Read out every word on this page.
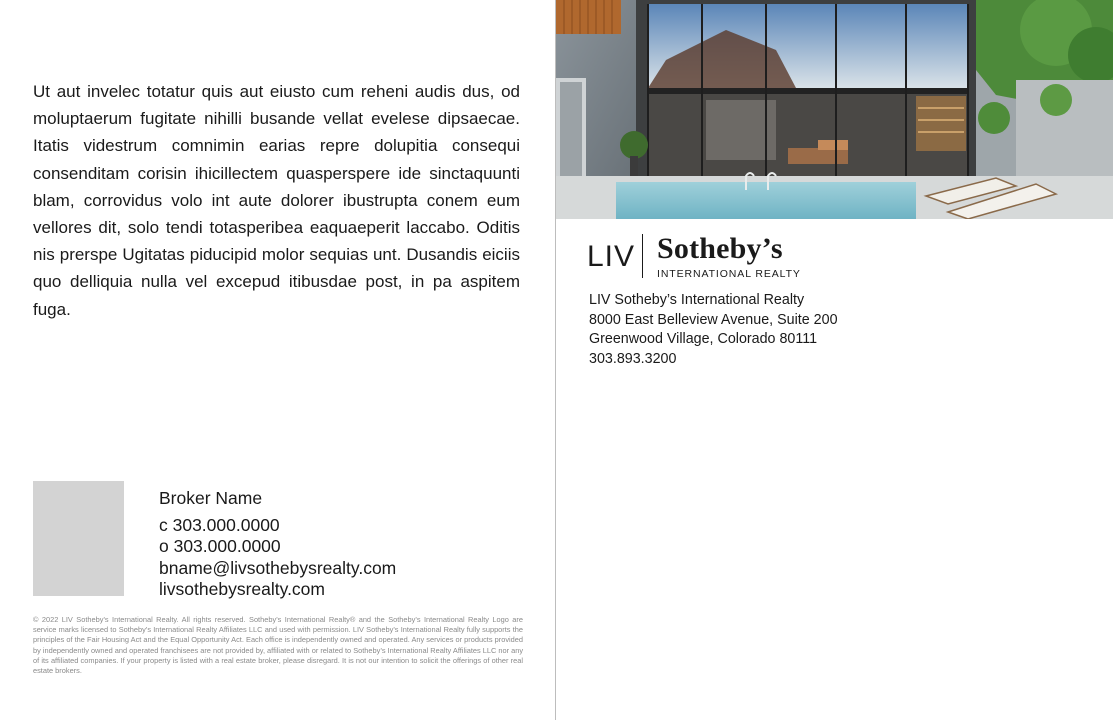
Ut aut invelec totatur quis aut eiusto cum reheni audis dus, od moluptaerum fugitate nihilli busande vellat evelese dipsaecae. Itatis videstrum comnimin earias repre dolupitia consequi consenditam corisin ihicillectem quasperspere ide sinctaquunti blam, corrovidus volo int aute dolorer ibustrupta conem eum vellores dit, solo tendi totasperibea eaquaeperit laccabo. Oditis nis prerspe Ugitatas piducipid molor sequias unt. Dusandis eiciis quo delliquia nulla vel excepud itibusdae post, in pa aspitem fuga.

Broker Name
c 303.000.0000
o 303.000.0000
bname@livsothebysrealty.com
livsothebysrealty.com

© 2022 LIV Sotheby’s International Realty. All rights reserved. Sotheby’s International Realty® and the Sotheby’s International Realty Logo are service marks licensed to Sotheby’s International Realty Affiliates LLC and used with permission. LIV Sotheby’s International Realty fully supports the principles of the Fair Housing Act and the Equal Opportunity Act. Each office is independently owned and operated. Any services or products provided by independently owned and operated franchisees are not provided by, affiliated with or related to Sotheby’s International Realty Affiliates LLC nor any of its affiliated companies. If your property is listed with a real estate broker, please disregard. It is not our intention to solicit the offerings of other real estate brokers.

LIV Sotheby’s
INTERNATIONAL REALTY
LIV Sotheby’s International Realty
8000 East Belleview Avenue, Suite 200
Greenwood Village, Colorado 80111
303.893.3200
